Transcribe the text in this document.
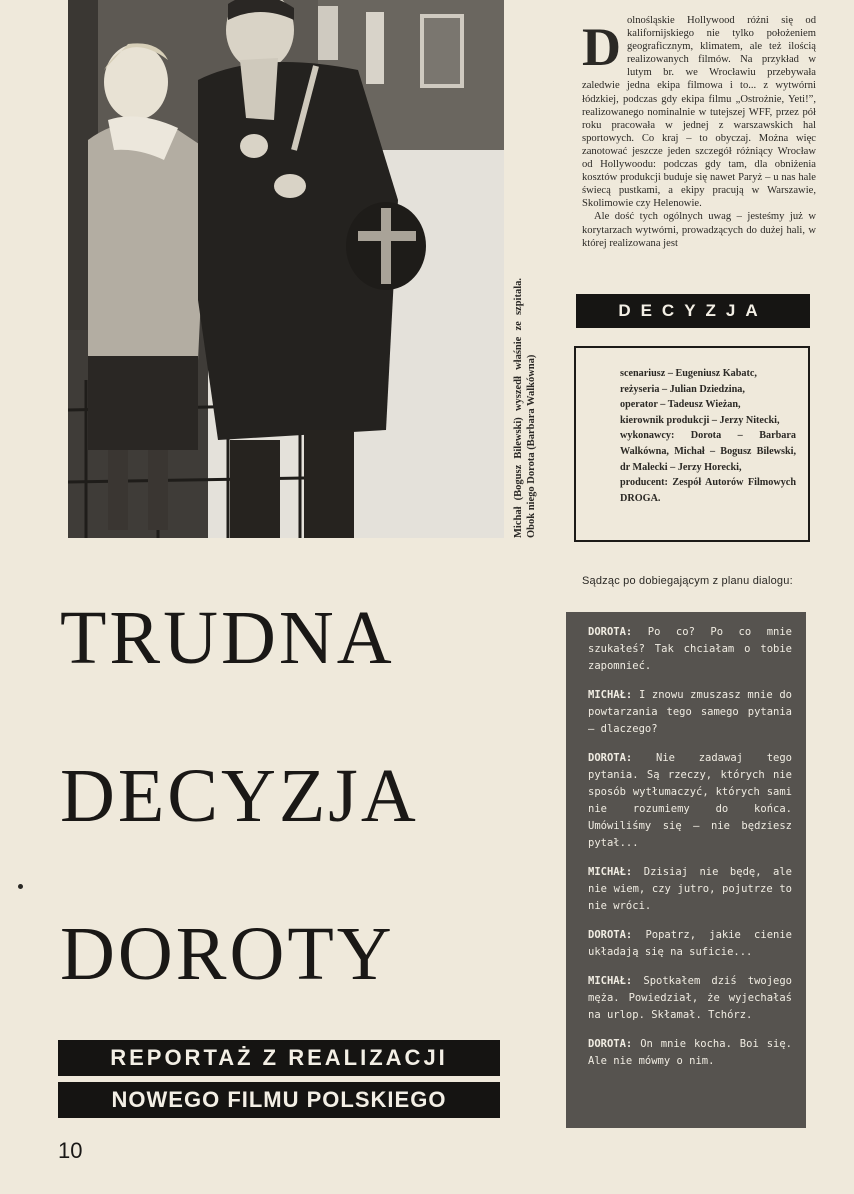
Michał (Bogusz Bilewski) wyszedł właśnie ze szpitala. Obok niego Dorota (Barbara Walkówna)
D olnośląskie Hollywood różni się od kalifornijskiego nie tylko położeniem geograficznym, klimatem, ale też ilością realizowanych filmów. Na przykład w lutym br. we Wrocławiu przebywała zaledwie jedna ekipa filmowa i to... z wytwórni łódzkiej, podczas gdy ekipa filmu „Ostrożnie, Yeti!”, realizowanego nominalnie w tutejszej WFF, przez pół roku pracowała w jednej z warszawskich hal sportowych. Co kraj – to obyczaj. Można więc zanotować jeszcze jeden szczegół różniący Wrocław od Hollywoodu: podczas gdy tam, dla obniżenia kosztów produkcji buduje się nawet Paryż – u nas hale świecą pustkami, a ekipy pracują w Warszawie, Skolimowie czy Helenowie.

Ale dość tych ogólnych uwag – jesteśmy już w korytarzach wytwórni, prowadzących do dużej hali, w której realizowana jest

DECYZJA
scenariusz – Eugeniusz Kabatc,
reżyseria – Julian Dziedzina,
operator – Tadeusz Wieżan,
kierownik produkcji – Jerzy Nitecki,
wykonawcy: Dorota – Barbara Walkówna, Michał – Bogusz Bilewski, dr Malecki – Jerzy Horecki,
producent: Zespół Autorów Filmowych DROGA.
Sądząc po dobiegającym z planu dialogu:
TRUDNA
DECYZJA
DOROTY
REPORTAŻ Z REALIZACJI
NOWEGO FILMU POLSKIEGO

DOROTA: Po co? Po co mnie szukałeś? Tak chciałam o tobie zapomnieć.

MICHAŁ: I znowu zmuszasz mnie do powtarzania tego samego pytania – dlaczego?

DOROTA: Nie zadawaj tego pytania. Są rzeczy, których nie sposób wytłumaczyć, których sami nie rozumiemy do końca. Umówiliśmy się – nie będziesz pytał...

MICHAŁ: Dzisiaj nie będę, ale nie wiem, czy jutro, pojutrze to nie wróci.

DOROTA: Popatrz, jakie cienie układają się na suficie...

MICHAŁ: Spotkałem dziś twojego męża. Powiedział, że wyjechałaś na urlop. Skłamał. Tchórz.

DOROTA: On mnie kocha. Boi się. Ale nie mówmy o nim.

10
